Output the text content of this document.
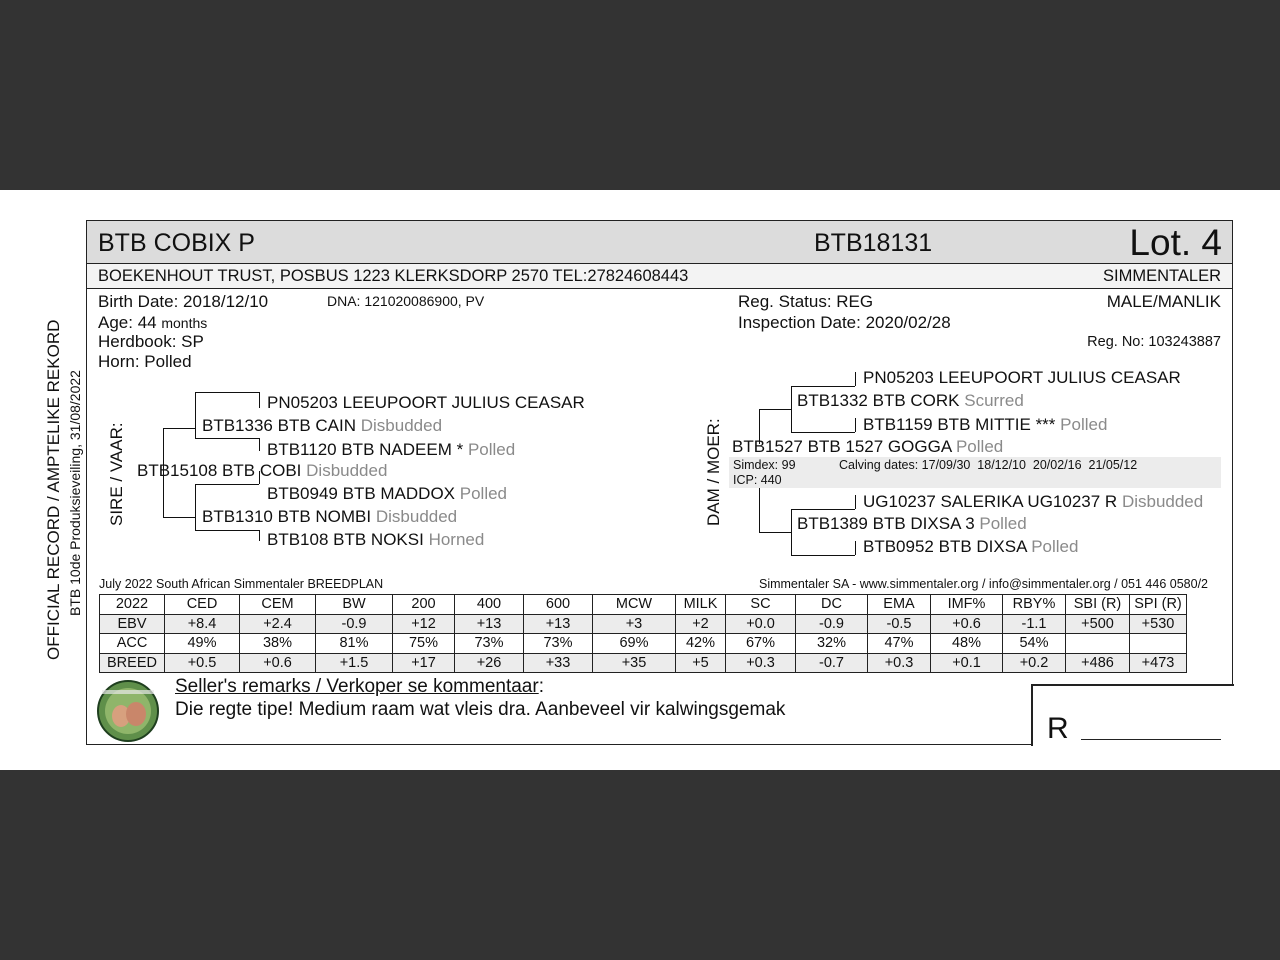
OFFICIAL RECORD / AMPTELIKE REKORD BTB 10de Produksieveiling, 31/08/2022
BTB COBIX P	BTB18131	Lot. 4
BOEKENHOUT TRUST, POSBUS 1223 KLERKSDORP 2570 TEL:27824608443	SIMMENTALER
Birth Date: 2018/12/10	DNA: 121020086900, PV
Age: 44 months
Herdbook: SP
Horn: Polled
Reg. Status: REG
Inspection Date: 2020/02/28
MALE/MANLIK
Reg. No: 103243887
SIRE / VAAR:
PN05203 LEEUPOORT JULIUS CEASAR
BTB1336 BTB CAIN Disbudded
BTB1120 BTB NADEEM * Polled
BTB15108 BTB COBI Disbudded
BTB0949 BTB MADDOX Polled
BTB1310 BTB NOMBI Disbudded
BTB108 BTB NOKSI Horned
DAM / MOER:
PN05203 LEEUPOORT JULIUS CEASAR
BTB1332 BTB CORK Scurred
BTB1159 BTB MITTIE *** Polled
BTB1527 BTB 1527 GOGGA Polled
Simdex: 99	Calving dates: 17/09/30  18/12/10  20/02/16  21/05/12
ICP: 440
UG10237 SALERIKA UG10237 R Disbudded
BTB1389 BTB DIXSA 3 Polled
BTB0952 BTB DIXSA Polled
July 2022 South African Simmentaler BREEDPLAN	Simmentaler SA - www.simmentaler.org / info@simmentaler.org / 051 446 0580/2
2022	CED	CEM	BW	200	400	600	MCW	MILK	SC	DC	EMA	IMF%	RBY%	SBI (R)	SPI (R)
EBV	+8.4	+2.4	-0.9	+12	+13	+13	+3	+2	+0.0	-0.9	-0.5	+0.6	-1.1	+500	+530
ACC	49%	38%	81%	75%	73%	73%	69%	42%	67%	32%	47%	48%	54%		
BREED	+0.5	+0.6	+1.5	+17	+26	+33	+35	+5	+0.3	-0.7	+0.3	+0.1	+0.2	+486	+473
Seller's remarks / Verkoper se kommentaar:
Die regte tipe! Medium raam wat vleis dra. Aanbeveel vir kalwingsgemak
R
